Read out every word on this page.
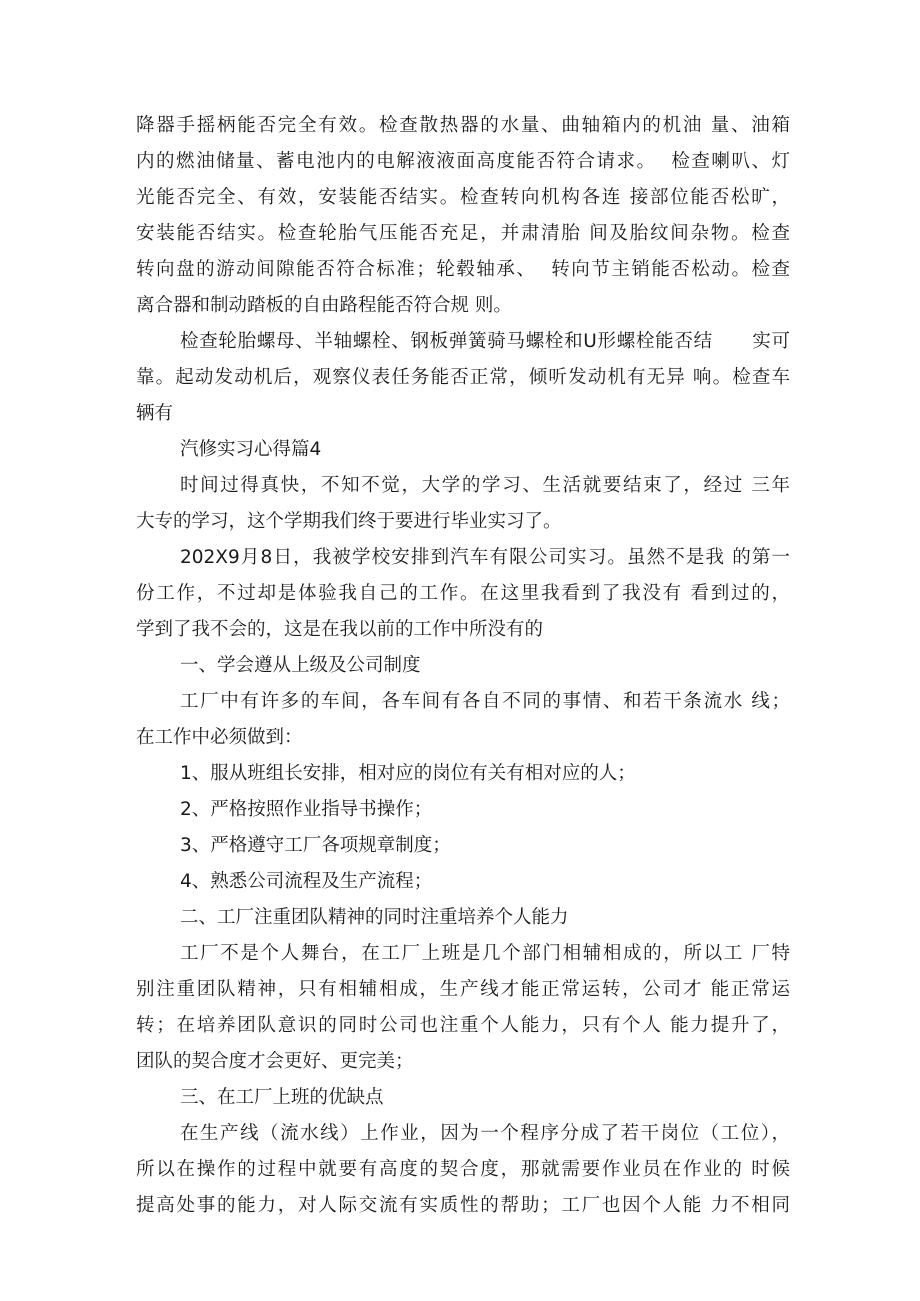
降器手摇柄能否完全有效。检查散热器的水量、曲轴箱内的机油 量、油箱
内的燃油储量、蓄电池内的电解液液面高度能否符合请求。  检查喇叭、灯
光能否完全、有效，安装能否结实。检查转向机构各连 接部位能否松旷，
安装能否结实。检查轮胎气压能否充足，并肃清胎 间及胎纹间杂物。检查
转向盘的游动间隙能否符合标准；轮毂轴承、  转向节主销能否松动。检查
离合器和制动踏板的自由路程能否符合规 则。
检查轮胎螺母、半轴螺栓、钢板弹簧骑马螺栓和U形螺栓能否结      实可
靠。起动发动机后，观察仪表任务能否正常，倾听发动机有无异 响。检查车
辆有
汽修实习心得篇4
时间过得真快，不知不觉，大学的学习、生活就要结束了，经过 三年
大专的学习，这个学期我们终于要进行毕业实习了。
202X9月8日，我被学校安排到汽车有限公司实习。虽然不是我 的第一
份工作，不过却是体验我自己的工作。在这里我看到了我没有 看到过的，
学到了我不会的，这是在我以前的工作中所没有的
一、学会遵从上级及公司制度
工厂中有许多的车间，各车间有各自不同的事情、和若干条流水 线；
在工作中必须做到：
1、服从班组长安排，相对应的岗位有关有相对应的人；
2、严格按照作业指导书操作；
3、严格遵守工厂各项规章制度；
4、熟悉公司流程及生产流程；
二、工厂注重团队精神的同时注重培养个人能力
工厂不是个人舞台，在工厂上班是几个部门相辅相成的，所以工 厂特
别注重团队精神，只有相辅相成，生产线才能正常运转，公司才 能正常运
转；在培养团队意识的同时公司也注重个人能力，只有个人 能力提升了，
团队的契合度才会更好、更完美；
三、在工厂上班的优缺点
在生产线（流水线）上作业，因为一个程序分成了若干岗位（工位），
所以在操作的过程中就要有高度的契合度，那就需要作业员在作业的 时候
提高处事的能力，对人际交流有实质性的帮助；工厂也因个人能 力不相同
